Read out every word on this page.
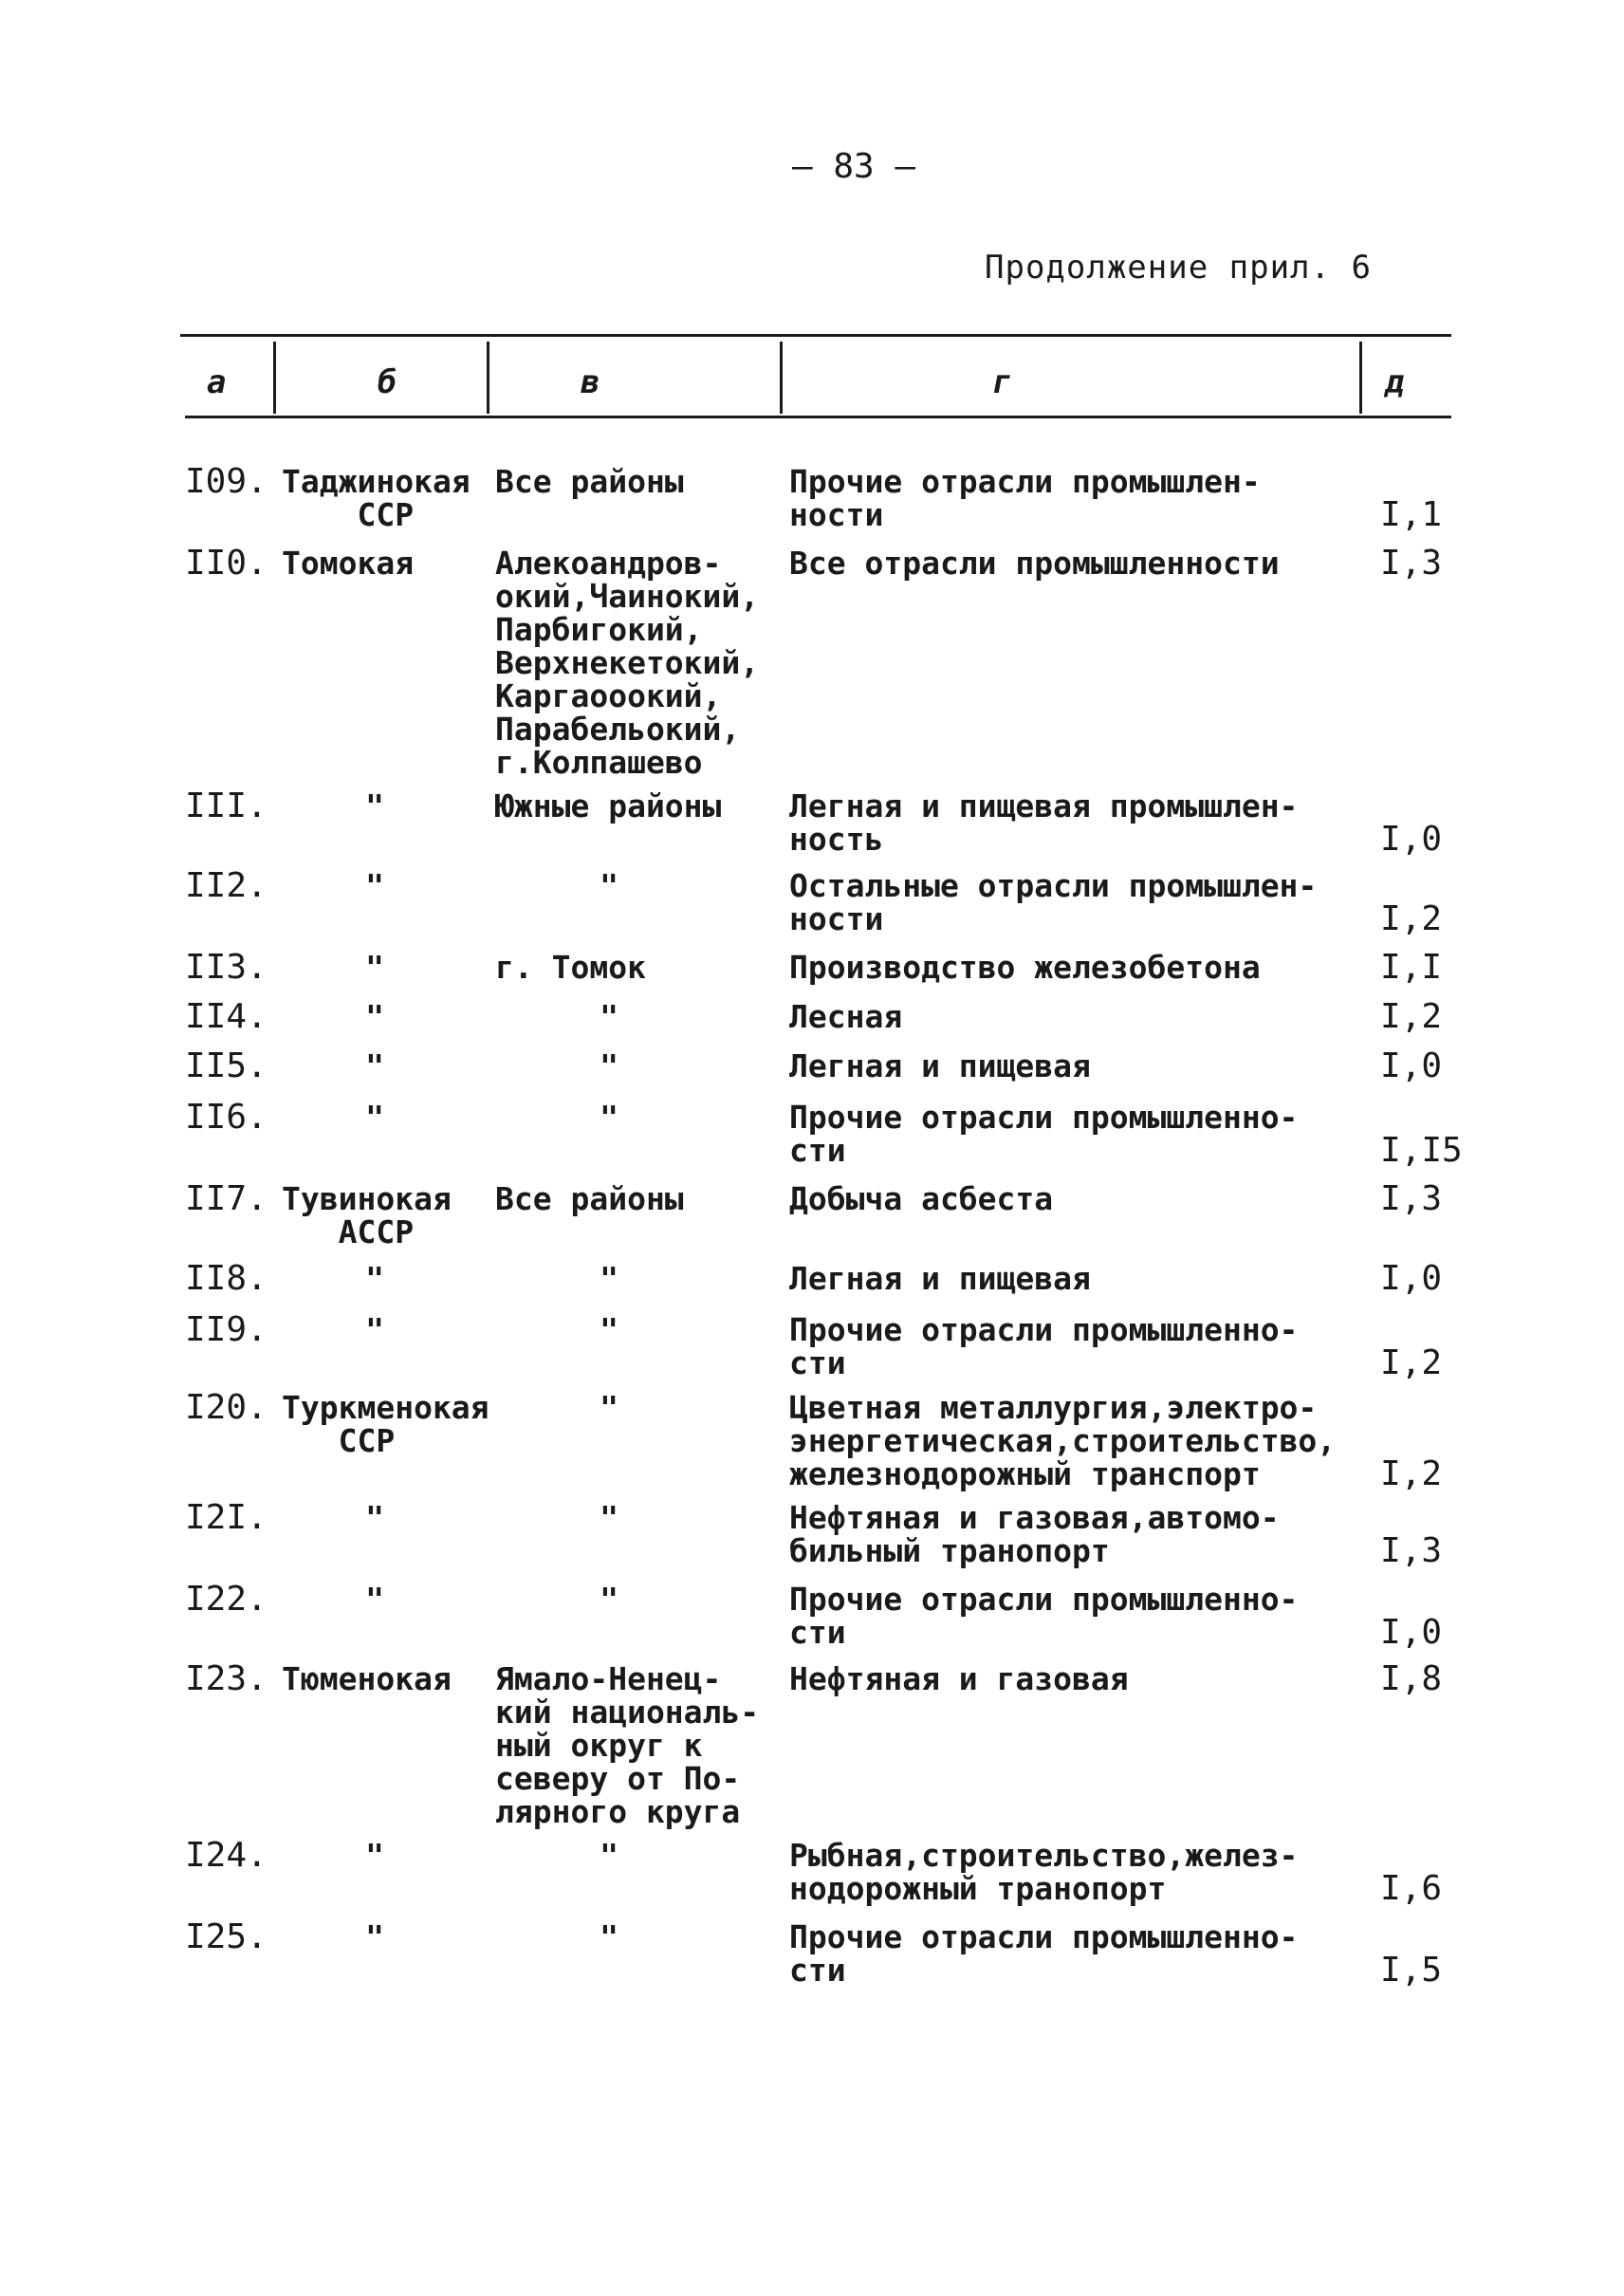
– 83 –
Продолжение прил. 6
а	б	в	г	д
I09. Таджинокая
ССР
Все районы	Прочие отрасли промышлен-
ноcти	I,1
II0. Томокая	Алекоандров-
окий,Чаинокий,
Парбигокий,
Верхнекетокий,
Каргаооокий,
Парабельокий,
г.Колпашево
Все отрасли промышленности	I,3
III.	"	Южные районы Легная и пищевая промышлен-
ность	I,0
II2.	"	"	Остальные отрасли промышлен-
ности	I,2
II3.	"	г. Томок	Производство железобетона	I,I
II4.	"	"	Лесная	I,2
II5.	"	"	Легная и пищевая	I,0
II6.	"	"	Прочие отрасли промышленно-
сти	I,I5
II7. Тувинокая
АССР
Все районы	Добыча асбеста	I,3
II8.	"	"	Легная и пищевая	I,0
II9.	"	"	Прочие отрасли промышленно-
сти	I,2
I20. Туркменокая
ССР
"	Цветная металлургия,электро-
энергетическая,строительство,
железнодорожный транспорт	I,2
I2I.	"	"	Нефтяная и газовая,автомо-
бильный транопорт	I,3
I22.	"	"	Прочие отрасли промышленно-
сти	I,0
I23. Тюменокая Ямало-Ненец-
кий националь-
ный округ к
северу от По-
лярного круга
Нефтяная и газовая	I,8
I24.	"	"	Рыбная,строительство,желез-
нодорожный транопорт	I,6
I25.	"	"	Прочие отрасли промышленно-
сти	I,5
